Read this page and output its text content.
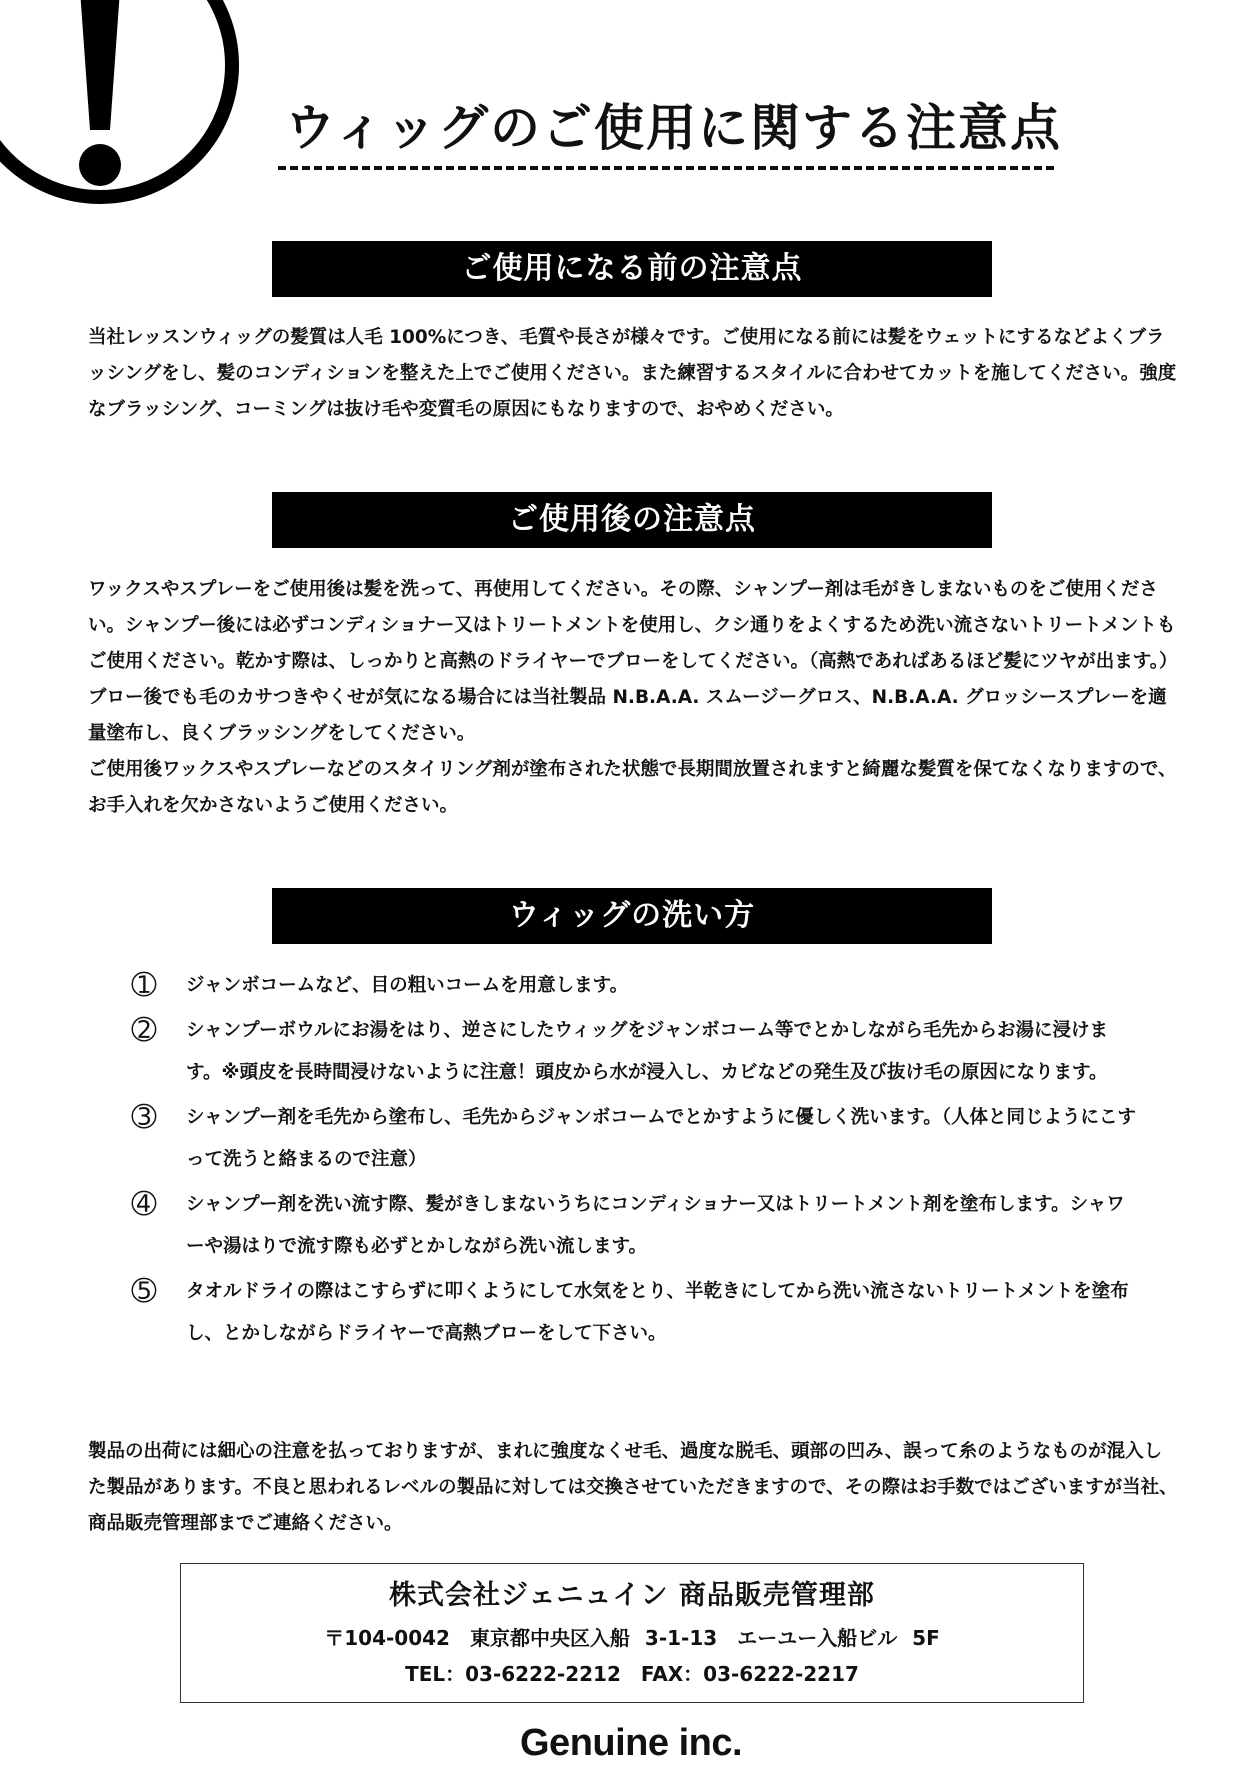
ウィッグのご使用に関する注意点
ご使用になる前の注意点

当社レッスンウィッグの髪質は人毛 100%につき、毛質や長さが様々です。ご使用になる前には髪をウェットにするなどよくブラッシングをし、髪のコンディションを整えた上でご使用ください。また練習するスタイルに合わせてカットを施してください。強度なブラッシング、コーミングは抜け毛や変質毛の原因にもなりますので、おやめください。

ご使用後の注意点

ワックスやスプレーをご使用後は髪を洗って、再使用してください。その際、シャンプー剤は毛がきしまないものをご使用ください。シャンプー後には必ずコンディショナー又はトリートメントを使用し、クシ通りをよくするため洗い流さないトリートメントもご使用ください。乾かす際は、しっかりと高熱のドライヤーでブローをしてください。（高熱であればあるほど髪にツヤが出ます。）ブロー後でも毛のカサつきやくせが気になる場合には当社製品 N.B.A.A. スムージーグロス、N.B.A.A. グロッシースプレーを適量塗布し、良くブラッシングをしてください。

ご使用後ワックスやスプレーなどのスタイリング剤が塗布された状態で長期間放置されますと綺麗な髪質を保てなくなりますので、お手入れを欠かさないようご使用ください。

ウィッグの洗い方
➀ ジャンボコームなど、目の粗いコームを用意します。
➁ シャンプーボウルにお湯をはり、逆さにしたウィッグをジャンボコーム等でとかしながら毛先からお湯に浸けます。※頭皮を長時間浸けないように注意！頭皮から水が浸入し、カビなどの発生及び抜け毛の原因になります。
➂ シャンプー剤を毛先から塗布し、毛先からジャンボコームでとかすように優しく洗います。（人体と同じようにこすって洗うと絡まるので注意）
➃ シャンプー剤を洗い流す際、髪がきしまないうちにコンディショナー又はトリートメント剤を塗布します。シャワーや湯はりで流す際も必ずとかしながら洗い流します。
➄ タオルドライの際はこすらずに叩くようにして水気をとり、半乾きにしてから洗い流さないトリートメントを塗布し、とかしながらドライヤーで高熱ブローをして下さい。

製品の出荷には細心の注意を払っておりますが、まれに強度なくせ毛、過度な脱毛、頭部の凹み、誤って糸のようなものが混入した製品があります。不良と思われるレベルの製品に対しては交換させていただきますので、その際はお手数ではございますが当社、商品販売管理部までご連絡ください。

株式会社ジェニュイン 商品販売管理部
〒104-0042　東京都中央区入船 3-1-13　エーユー入船ビル 5F
TEL：03-6222-2212　FAX：03-6222-2217
Genuine inc.
